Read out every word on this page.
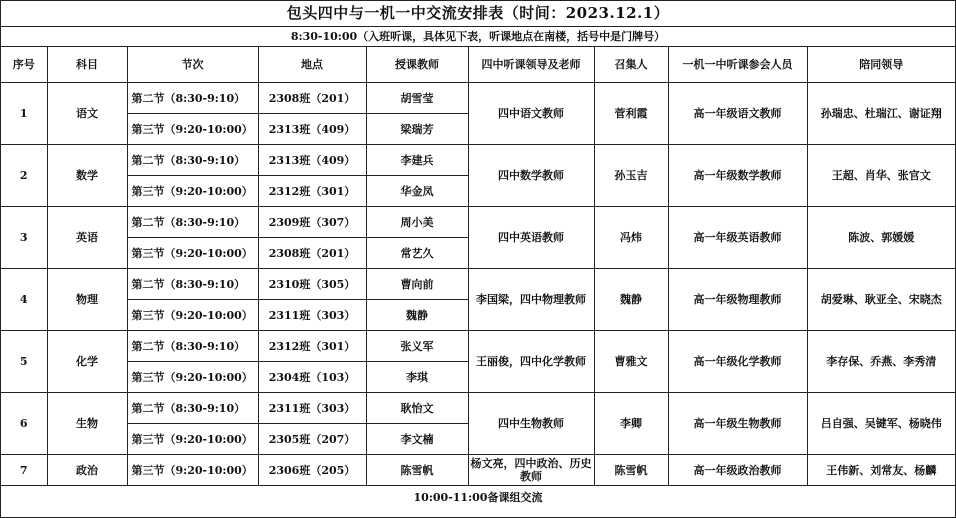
包头四中与一机一中交流安排表（时间：2023.12.1）
8:30-10:00（入班听课，具体见下表，听课地点在南楼，括号中是门牌号）
序号	科目	节次	地点	授课教师	四中听课领导及老师	召集人	一机一中听课参会人员	陪同领导
1	语文	第二节（8:30-9:10）	2308班（201）	胡雪莹	四中语文教师	菅利霞	高一年级语文教师	孙瑞忠、杜瑞江、谢证翔
		第三节（9:20-10:00）	2313班（409）	梁瑞芳				
2	数学	第二节（8:30-9:10）	2313班（409）	李建兵	四中数学教师	孙玉吉	高一年级数学教师	王超、肖华、张官文
		第三节（9:20-10:00）	2312班（301）	华金凤				
3	英语	第二节（8:30-9:10）	2309班（307）	周小美	四中英语教师	冯炜	高一年级英语教师	陈波、郭媛媛
		第三节（9:20-10:00）	2308班（201）	常艺久				
4	物理	第二节（8:30-9:10）	2310班（305）	曹向前	李国梁，四中物理教师	魏静	高一年级物理教师	胡爱琳、耿亚全、宋晓杰
		第三节（9:20-10:00）	2311班（303）	魏静				
5	化学	第二节（8:30-9:10）	2312班（301）	张义军	王丽俊，四中化学教师	曹雅文	高一年级化学教师	李存保、乔燕、李秀清
		第三节（9:20-10:00）	2304班（103）	李琪				
6	生物	第二节（8:30-9:10）	2311班（303）	耿怡文	四中生物教师	李卿	高一年级生物教师	吕自强、吴键军、杨晓伟
		第三节（9:20-10:00）	2305班（207）	李文楠				
7	政治	第三节（9:20-10:00）	2306班（205）	陈雪帆	杨文亮，四中政治、历史教师	陈雪帆	高一年级政治教师	王伟新、刘常友、杨麟
10:00-11:00备课组交流
